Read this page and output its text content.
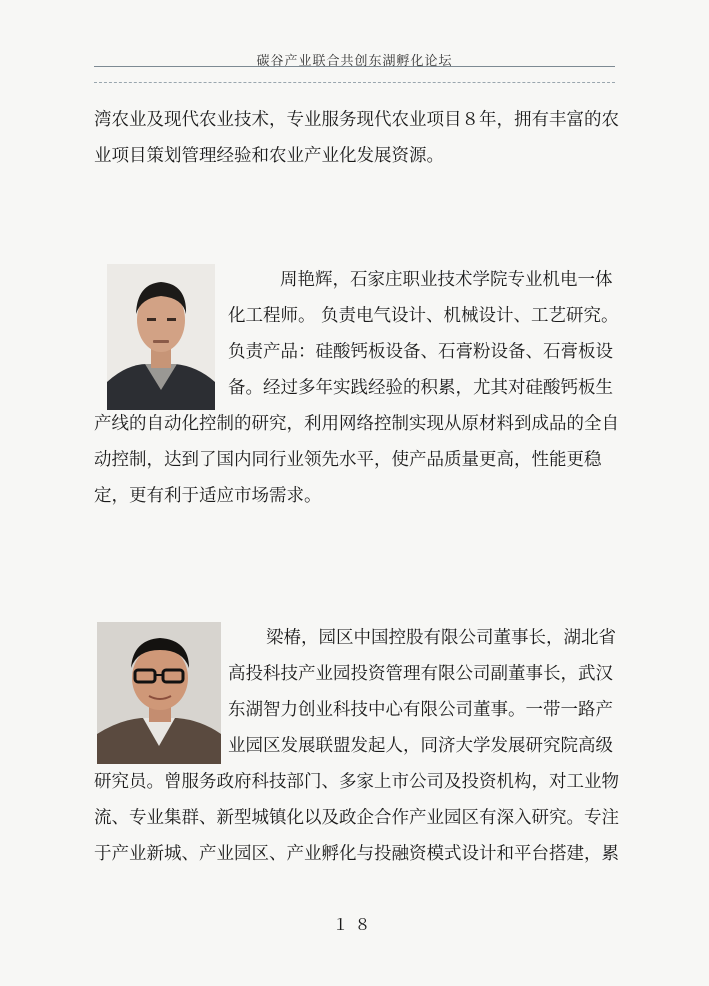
碳谷产业联合共创东湖孵化论坛

湾农业及现代农业技术，专业服务现代农业项目８年，拥有丰富的农业项目策划管理经验和农业产业化发展资源。

周艳辉，石家庄职业技术学院专业机电一体化工程师。 负责电气设计、机械设计、工艺研究。负责产品：硅酸钙板设备、石膏粉设备、石膏板设备。经过多年实践经验的积累，尤其对硅酸钙板生

产线的自动化控制的研究，利用网络控制实现从原材料到成品的全自动控制，达到了国内同行业领先水平，使产品质量更高，性能更稳定，更有利于适应市场需求。

梁椿，园区中国控股有限公司董事长，湖北省高投科技产业园投资管理有限公司副董事长，武汉东湖智力创业科技中心有限公司董事。一带一路产业园区发展联盟发起人，同济大学发展研究院高级

研究员。曾服务政府科技部门、多家上市公司及投资机构，对工业物流、专业集群、新型城镇化以及政企合作产业园区有深入研究。专注于产业新城、产业园区、产业孵化与投融资模式设计和平台搭建，累

１８
